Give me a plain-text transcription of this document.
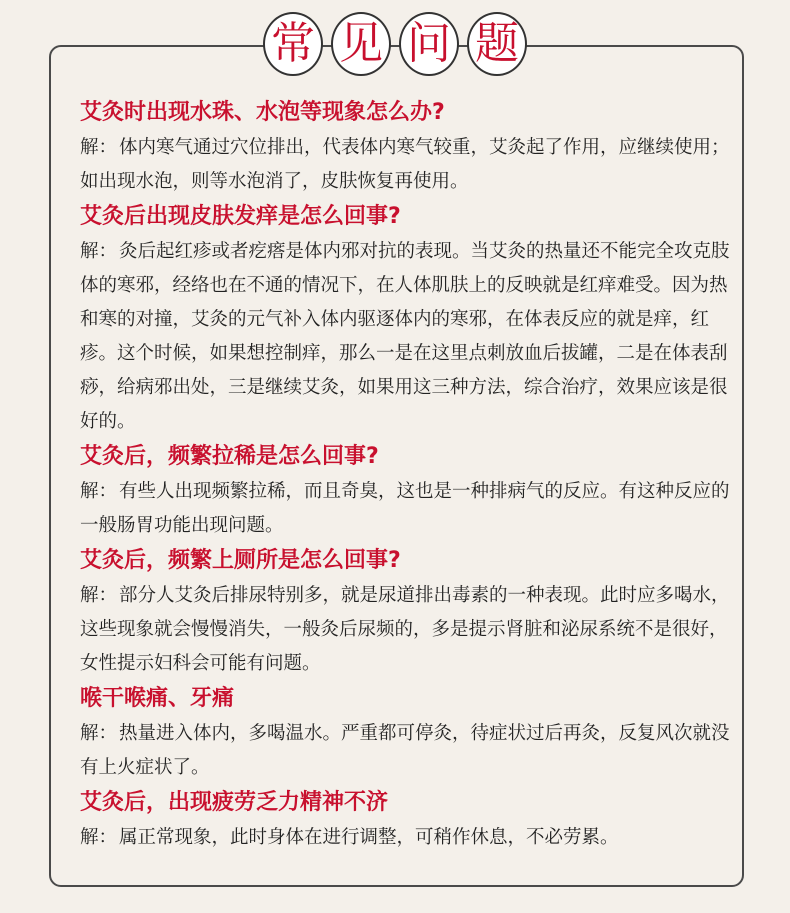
常 见 问 题

艾灸时出现水珠、水泡等现象怎么办?

解： 体内寒气通过穴位排出，代表体内寒气较重，艾灸起了作用，应继续使用；如出现水泡，则等水泡消了，皮肤恢复再使用。

艾灸后出现皮肤发痒是怎么回事?

解： 灸后起红疹或者疙瘩是体内邪对抗的表现。当艾灸的热量还不能完全攻克肢体的寒邪，经络也在不通的情况下，在人体肌肤上的反映就是红痒难受。因为热和寒的对撞，艾灸的元气补入体内驱逐体内的寒邪，在体表反应的就是痒，红疹。这个时候，如果想控制痒，那么一是在这里点刺放血后拔罐，二是在体表刮痧，给病邪出处，三是继续艾灸，如果用这三种方法，综合治疗，效果应该是很好的。

艾灸后，频繁拉稀是怎么回事?

解： 有些人出现频繁拉稀，而且奇臭，这也是一种排病气的反应。有这种反应的一般肠胃功能出现问题。

艾灸后，频繁上厕所是怎么回事?

解： 部分人艾灸后排尿特别多，就是尿道排出毒素的一种表现。此时应多喝水，这些现象就会慢慢消失，一般灸后尿频的，多是提示肾脏和泌尿系统不是很好，女性提示妇科会可能有问题。

喉干喉痛、牙痛

解： 热量进入体内，多喝温水。严重都可停灸，待症状过后再灸，反复风次就没有上火症状了。

艾灸后，出现疲劳乏力精神不济

解： 属正常现象，此时身体在进行调整，可稍作休息，不必劳累。
